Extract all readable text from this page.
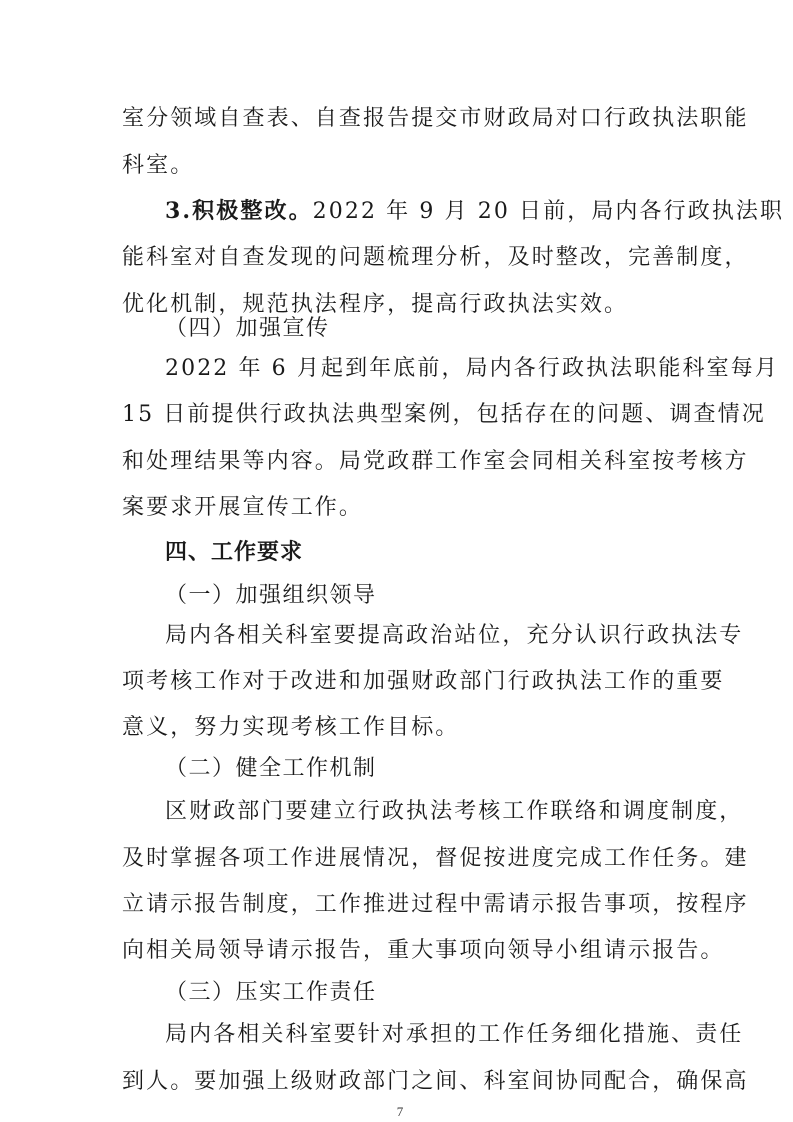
室分领域自查表、自查报告提交市财政局对口行政执法职能
科室。
3.积极整改。2022 年 9 月 20 日前，局内各行政执法职
能科室对自查发现的问题梳理分析，及时整改，完善制度，
优化机制，规范执法程序，提高行政执法实效。
（四）加强宣传
2022 年 6 月起到年底前，局内各行政执法职能科室每月
15 日前提供行政执法典型案例，包括存在的问题、调查情况
和处理结果等内容。局党政群工作室会同相关科室按考核方
案要求开展宣传工作。
四、工作要求
（一）加强组织领导
局内各相关科室要提高政治站位，充分认识行政执法专
项考核工作对于改进和加强财政部门行政执法工作的重要
意义，努力实现考核工作目标。
（二）健全工作机制
区财政部门要建立行政执法考核工作联络和调度制度，
及时掌握各项工作进展情况，督促按进度完成工作任务。建
立请示报告制度，工作推进过程中需请示报告事项，按程序
向相关局领导请示报告，重大事项向领导小组请示报告。
7
（三）压实工作责任
局内各相关科室要针对承担的工作任务细化措施、责任
到人。要加强上级财政部门之间、科室间协同配合，确保高
